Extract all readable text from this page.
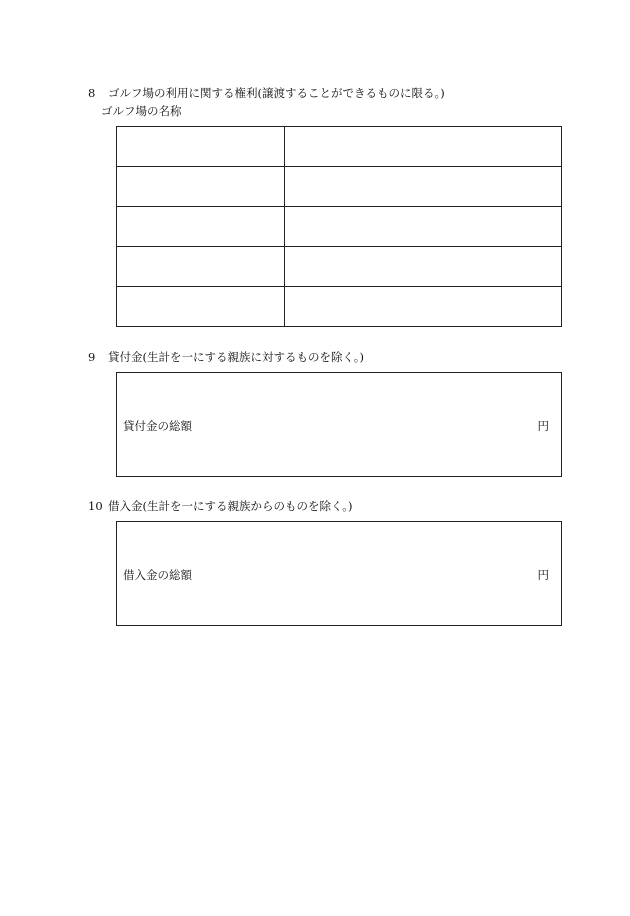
8 ゴルフ場の利用に関する権利(譲渡することができるものに限る。)
ゴルフ場の名称

9 貸付金(生計を一にする親族に対するものを除く。)
貸付金の総額	円
10 借入金(生計を一にする親族からのものを除く。)
借入金の総額	円
